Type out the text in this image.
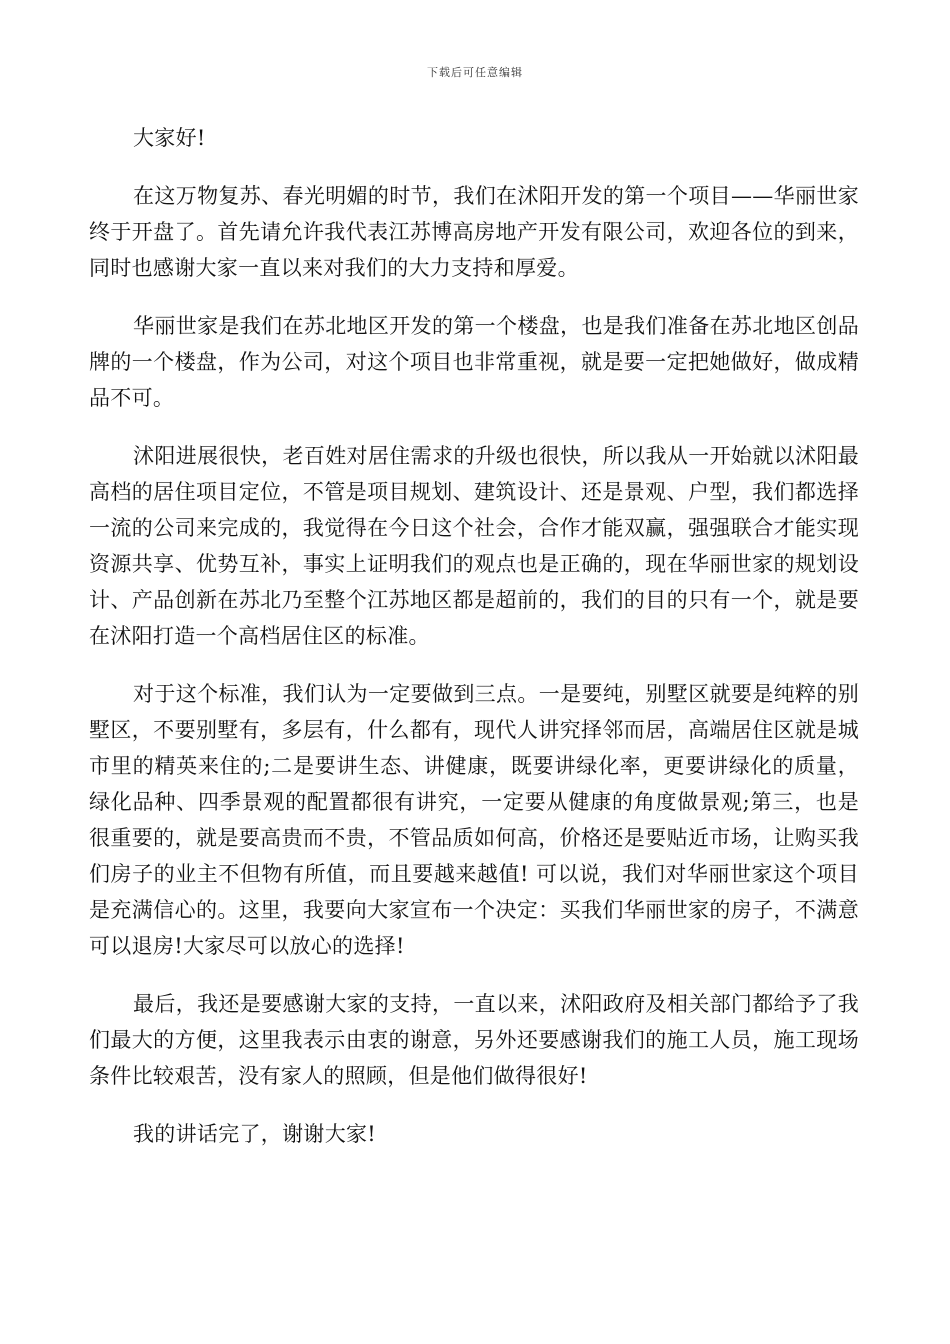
下载后可任意编辑

大家好!

在这万物复苏、春光明媚的时节，我们在沭阳开发的第一个项目——华丽世家终于开盘了。首先请允许我代表江苏博高房地产开发有限公司，欢迎各位的到来，同时也感谢大家一直以来对我们的大力支持和厚爱。

华丽世家是我们在苏北地区开发的第一个楼盘，也是我们准备在苏北地区创品牌的一个楼盘，作为公司，对这个项目也非常重视，就是要一定把她做好，做成精品不可。

沭阳进展很快，老百姓对居住需求的升级也很快，所以我从一开始就以沭阳最高档的居住项目定位，不管是项目规划、建筑设计、还是景观、户型，我们都选择一流的公司来完成的，我觉得在今日这个社会，合作才能双赢，强强联合才能实现资源共享、优势互补，事实上证明我们的观点也是正确的，现在华丽世家的规划设计、产品创新在苏北乃至整个江苏地区都是超前的，我们的目的只有一个，就是要在沭阳打造一个高档居住区的标准。

对于这个标准，我们认为一定要做到三点。一是要纯，别墅区就要是纯粹的别墅区，不要别墅有，多层有，什么都有，现代人讲究择邻而居，高端居住区就是城市里的精英来住的;二是要讲生态、讲健康，既要讲绿化率，更要讲绿化的质量，绿化品种、四季景观的配置都很有讲究，一定要从健康的角度做景观;第三，也是很重要的，就是要高贵而不贵，不管品质如何高，价格还是要贴近市场，让购买我们房子的业主不但物有所值，而且要越来越值! 可以说，我们对华丽世家这个项目是充满信心的。这里，我要向大家宣布一个决定：买我们华丽世家的房子，不满意可以退房!大家尽可以放心的选择!

最后，我还是要感谢大家的支持，一直以来，沭阳政府及相关部门都给予了我们最大的方便，这里我表示由衷的谢意，另外还要感谢我们的施工人员，施工现场条件比较艰苦，没有家人的照顾，但是他们做得很好!

我的讲话完了，谢谢大家!
